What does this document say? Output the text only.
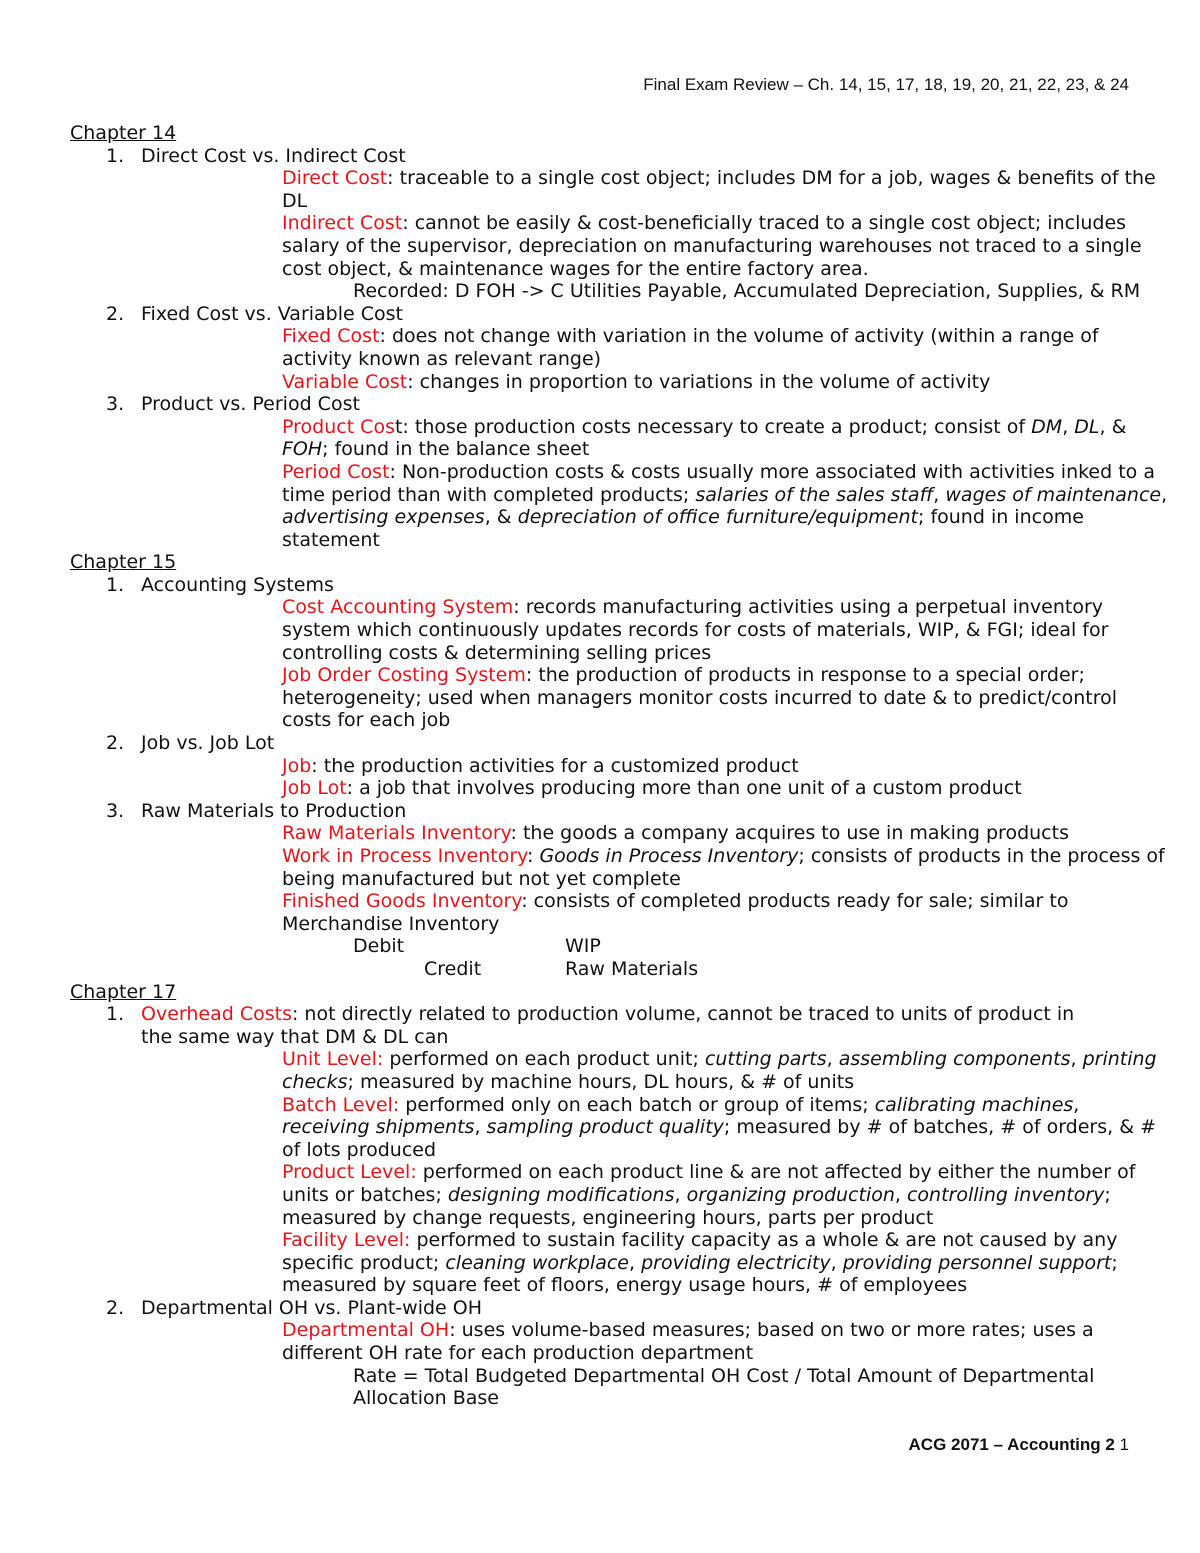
Final Exam Review – Ch. 14, 15, 17, 18, 19, 20, 21, 22, 23, & 24
Chapter 14
1. Direct Cost vs. Indirect Cost
Direct Cost: traceable to a single cost object; includes DM for a job, wages & benefits of the
DL
Indirect Cost: cannot be easily & cost-beneficially traced to a single cost object; includes
salary of the supervisor, depreciation on manufacturing warehouses not traced to a single
cost object, & maintenance wages for the entire factory area.
Recorded: D FOH -> C Utilities Payable, Accumulated Depreciation, Supplies, & RM
2. Fixed Cost vs. Variable Cost
Fixed Cost: does not change with variation in the volume of activity (within a range of
activity known as relevant range)
Variable Cost: changes in proportion to variations in the volume of activity
3. Product vs. Period Cost
Product Cost: those production costs necessary to create a product; consist of DM, DL, &
FOH; found in the balance sheet
Period Cost: Non-production costs & costs usually more associated with activities inked to a
time period than with completed products; salaries of the sales staff, wages of maintenance,
advertising expenses, & depreciation of office furniture/equipment; found in income
statement
Chapter 15
1. Accounting Systems
Cost Accounting System: records manufacturing activities using a perpetual inventory
system which continuously updates records for costs of materials, WIP, & FGI; ideal for
controlling costs & determining selling prices
Job Order Costing System: the production of products in response to a special order;
heterogeneity; used when managers monitor costs incurred to date & to predict/control
costs for each job
2. Job vs. Job Lot
Job: the production activities for a customized product
Job Lot: a job that involves producing more than one unit of a custom product
3. Raw Materials to Production
Raw Materials Inventory: the goods a company acquires to use in making products
Work in Process Inventory: Goods in Process Inventory; consists of products in the process of
being manufactured but not yet complete
Finished Goods Inventory: consists of completed products ready for sale; similar to
Merchandise Inventory
Debit	WIP
Credit	Raw Materials
Chapter 17
1. Overhead Costs: not directly related to production volume, cannot be traced to units of product in
the same way that DM & DL can
Unit Level: performed on each product unit; cutting parts, assembling components, printing
checks; measured by machine hours, DL hours, & # of units
Batch Level: performed only on each batch or group of items; calibrating machines,
receiving shipments, sampling product quality; measured by # of batches, # of orders, & #
of lots produced
Product Level: performed on each product line & are not affected by either the number of
units or batches; designing modifications, organizing production, controlling inventory;
measured by change requests, engineering hours, parts per product
Facility Level: performed to sustain facility capacity as a whole & are not caused by any
specific product; cleaning workplace, providing electricity, providing personnel support;
measured by square feet of floors, energy usage hours, # of employees
2. Departmental OH vs. Plant-wide OH
Departmental OH: uses volume-based measures; based on two or more rates; uses a
different OH rate for each production department
Rate = Total Budgeted Departmental OH Cost / Total Amount of Departmental
Allocation Base
ACG 2071 – Accounting 2 1
